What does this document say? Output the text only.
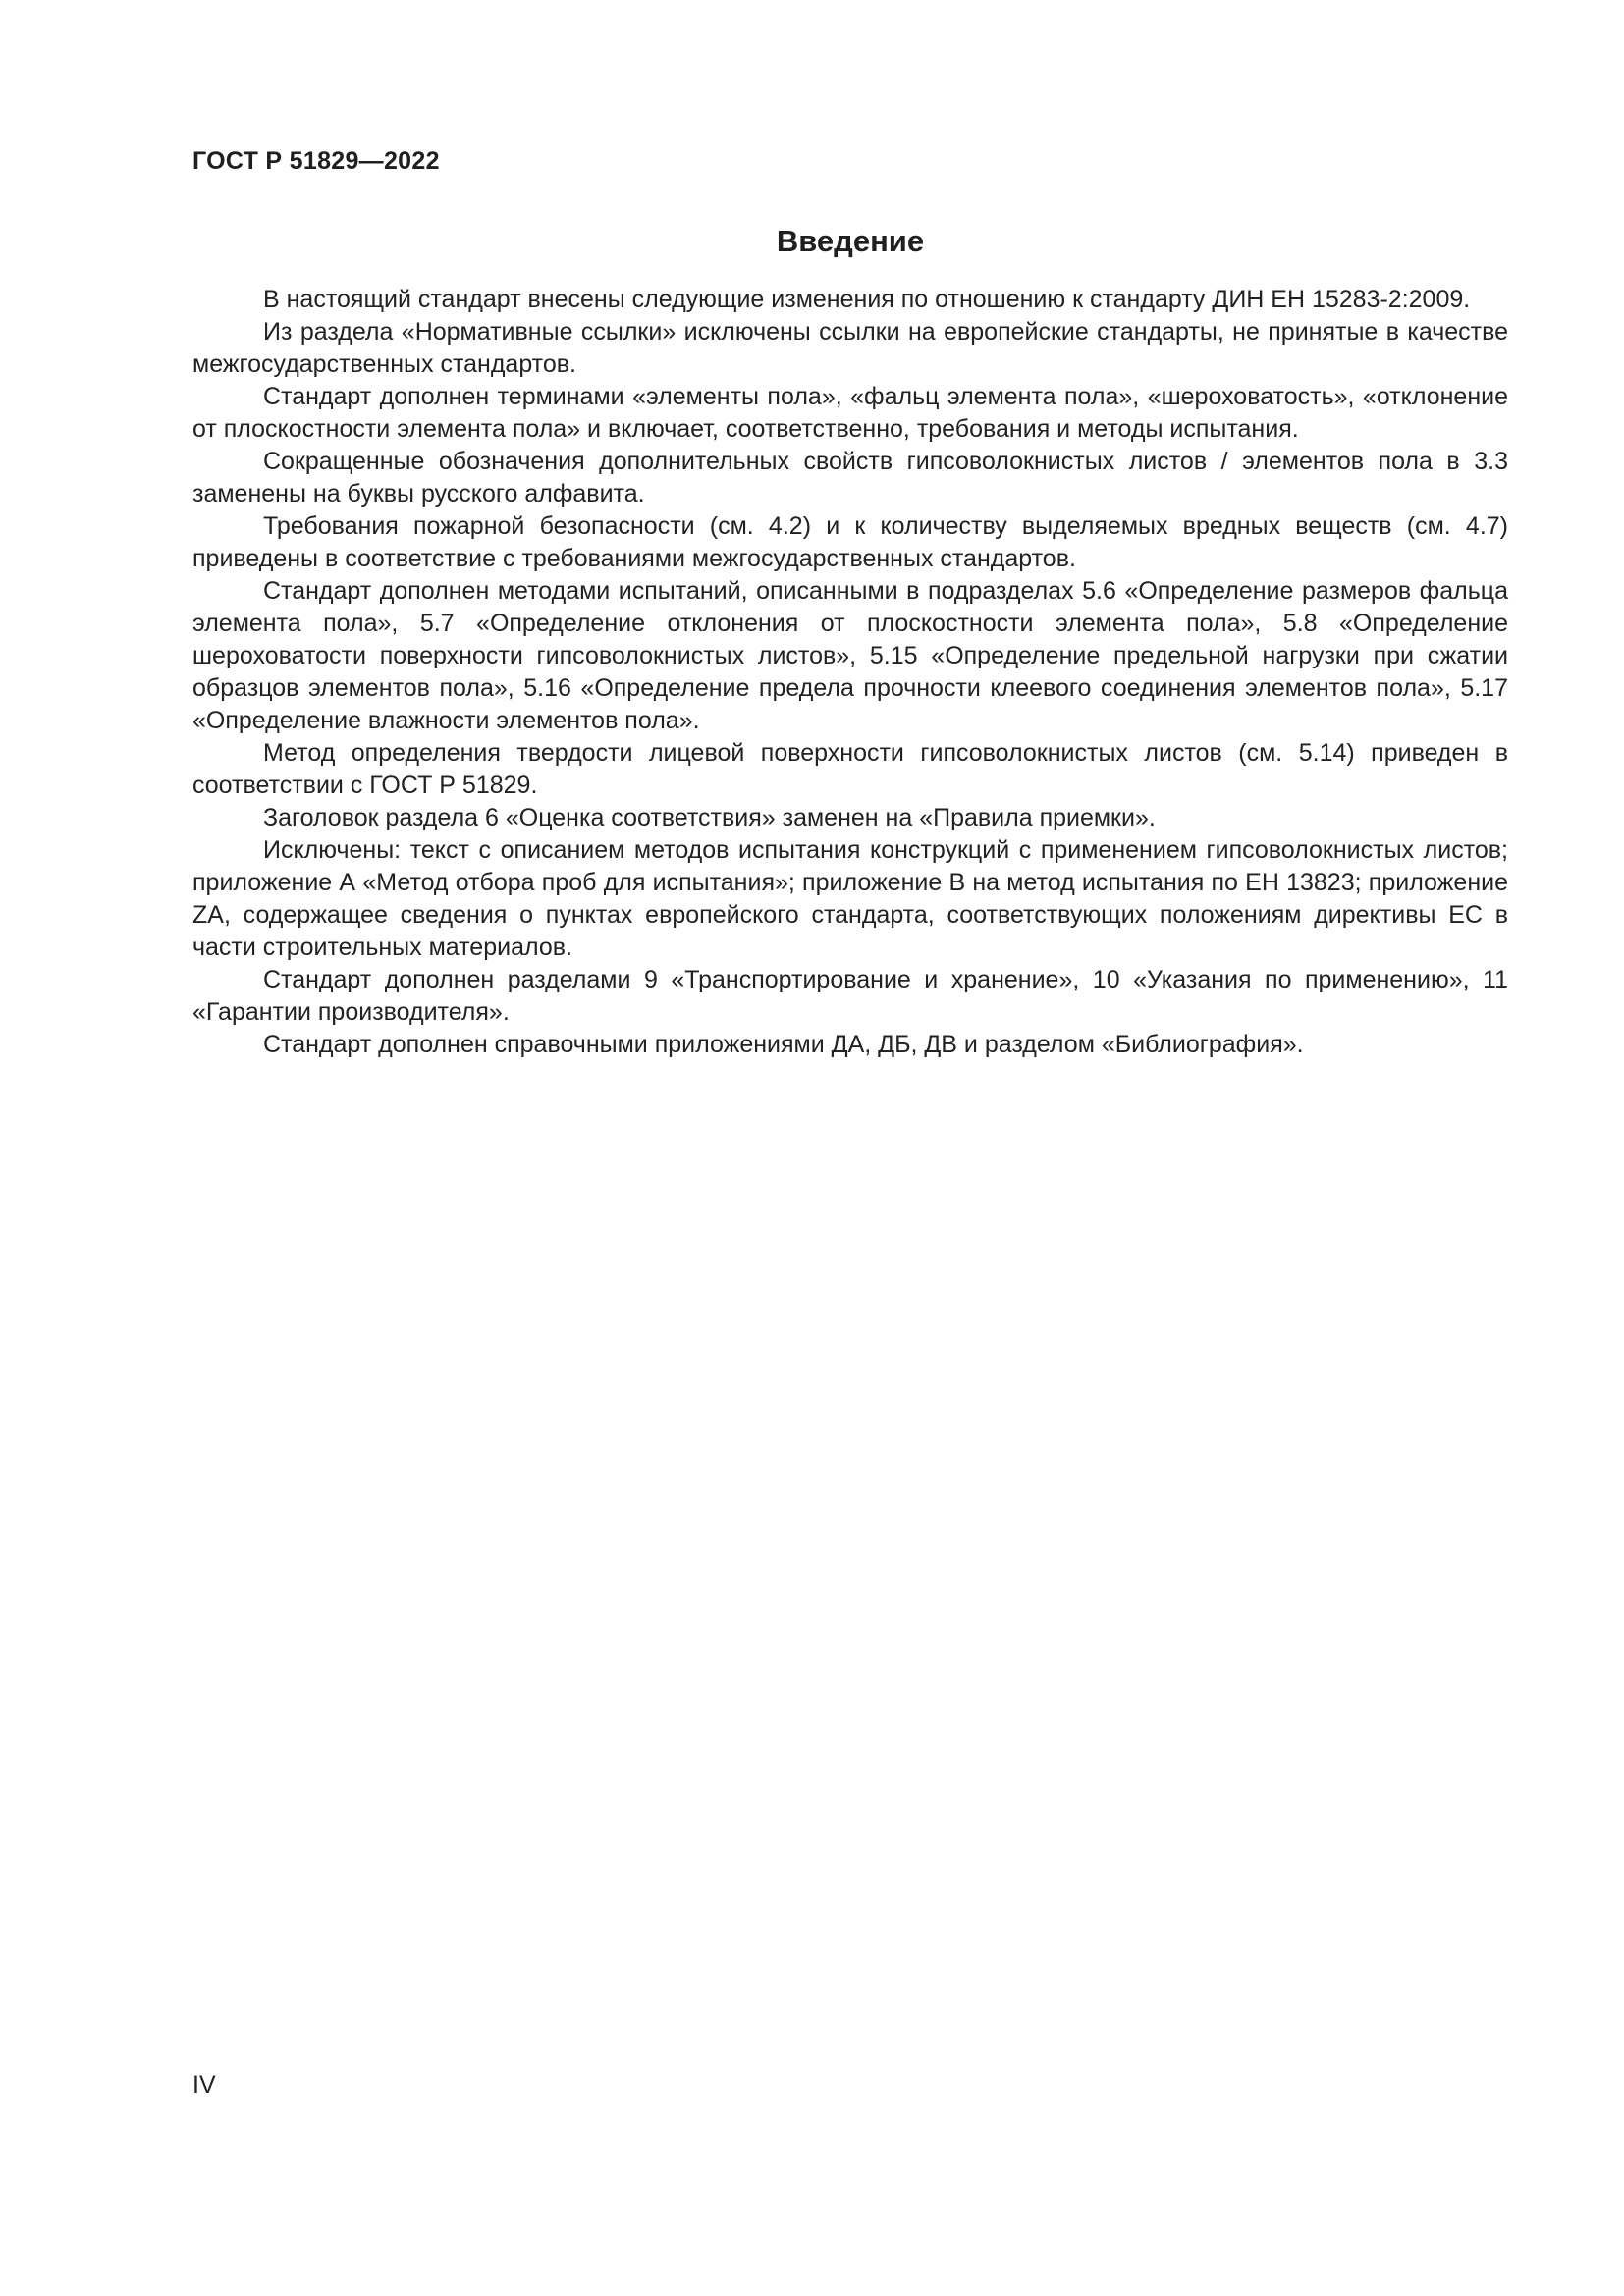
ГОСТ Р 51829—2022
Введение

В настоящий стандарт внесены следующие изменения по отношению к стандарту ДИН ЕН 15283-2:2009.

Из раздела «Нормативные ссылки» исключены ссылки на европейские стандарты, не принятые в качестве межгосударственных стандартов.

Стандарт дополнен терминами «элементы пола», «фальц элемента пола», «шероховатость», «отклонение от плоскостности элемента пола» и включает, соответственно, требования и методы испытания.

Сокращенные обозначения дополнительных свойств гипсоволокнистых листов / элементов пола в 3.3 заменены на буквы русского алфавита.

Требования пожарной безопасности (см. 4.2) и к количеству выделяемых вредных веществ (см. 4.7) приведены в соответствие с требованиями межгосударственных стандартов.

Стандарт дополнен методами испытаний, описанными в подразделах 5.6 «Определение размеров фальца элемента пола», 5.7 «Определение отклонения от плоскостности элемента пола», 5.8 «Определение шероховатости поверхности гипсоволокнистых листов», 5.15 «Определение предельной нагрузки при сжатии образцов элементов пола», 5.16 «Определение предела прочности клеевого соединения элементов пола», 5.17 «Определение влажности элементов пола».

Метод определения твердости лицевой поверхности гипсоволокнистых листов (см. 5.14) приведен в соответствии с ГОСТ Р 51829.

Заголовок раздела 6 «Оценка соответствия» заменен на «Правила приемки».

Исключены: текст с описанием методов испытания конструкций с применением гипсоволокнистых листов; приложение А «Метод отбора проб для испытания»; приложение В на метод испытания по ЕН 13823; приложение ZA, содержащее сведения о пунктах европейского стандарта, соответствующих положениям директивы ЕС в части строительных материалов.

Стандарт дополнен разделами 9 «Транспортирование и хранение», 10 «Указания по применению», 11 «Гарантии производителя».

Стандарт дополнен справочными приложениями ДА, ДБ, ДВ и разделом «Библиография».

IV
